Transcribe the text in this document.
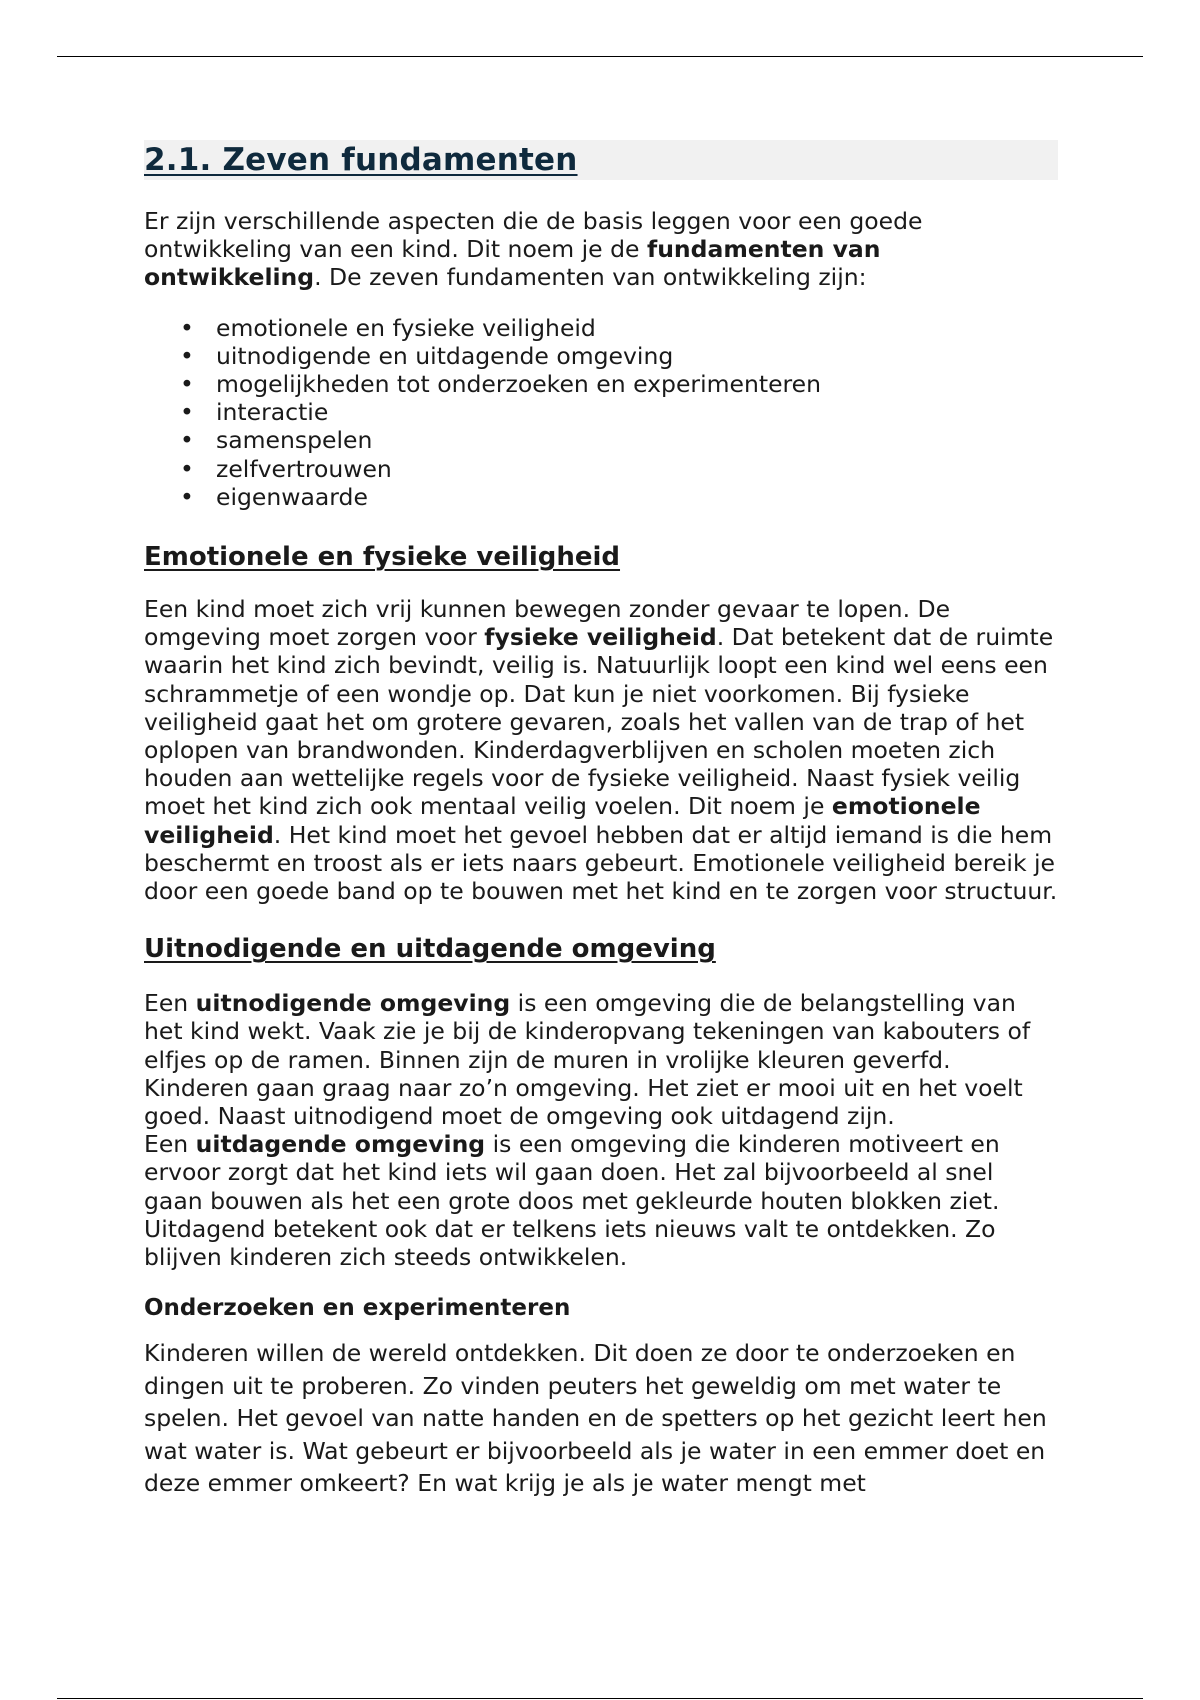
2.1. Zeven fundamenten

Er zijn verschillende aspecten die de basis leggen voor een goede ontwikkeling van een kind. Dit noem je de fundamenten van ontwikkeling. De zeven fundamenten van ontwikkeling zijn:

• emotionele en fysieke veiligheid
• uitnodigende en uitdagende omgeving
• mogelijkheden tot onderzoeken en experimenteren
• interactie
• samenspelen
• zelfvertrouwen
• eigenwaarde
Emotionele en fysieke veiligheid

Een kind moet zich vrij kunnen bewegen zonder gevaar te lopen. De omgeving moet zorgen voor fysieke veiligheid. Dat betekent dat de ruimte waarin het kind zich bevindt, veilig is. Natuurlijk loopt een kind wel eens een schrammetje of een wondje op. Dat kun je niet voorkomen. Bij fysieke veiligheid gaat het om grotere gevaren, zoals het vallen van de trap of het oplopen van brandwonden. Kinderdagverblijven en scholen moeten zich houden aan wettelijke regels voor de fysieke veiligheid. Naast fysiek veilig moet het kind zich ook mentaal veilig voelen. Dit noem je emotionele veiligheid. Het kind moet het gevoel hebben dat er altijd iemand is die hem beschermt en troost als er iets naars gebeurt. Emotionele veiligheid bereik je door een goede band op te bouwen met het kind en te zorgen voor structuur.

Uitnodigende en uitdagende omgeving

Een uitnodigende omgeving is een omgeving die de belangstelling van het kind wekt. Vaak zie je bij de kinderopvang tekeningen van kabouters of elfjes op de ramen. Binnen zijn de muren in vrolijke kleuren geverfd. Kinderen gaan graag naar zo’n omgeving. Het ziet er mooi uit en het voelt goed. Naast uitnodigend moet de omgeving ook uitdagend zijn.
Een uitdagende omgeving is een omgeving die kinderen motiveert en ervoor zorgt dat het kind iets wil gaan doen. Het zal bijvoorbeeld al snel gaan bouwen als het een grote doos met gekleurde houten blokken ziet. Uitdagend betekent ook dat er telkens iets nieuws valt te ontdekken. Zo blijven kinderen zich steeds ontwikkelen.

Onderzoeken en experimenteren

Kinderen willen de wereld ontdekken. Dit doen ze door te onderzoeken en dingen uit te proberen. Zo vinden peuters het geweldig om met water te spelen. Het gevoel van natte handen en de spetters op het gezicht leert hen wat water is. Wat gebeurt er bijvoorbeeld als je water in een emmer doet en deze emmer omkeert? En wat krijg je als je water mengt met
